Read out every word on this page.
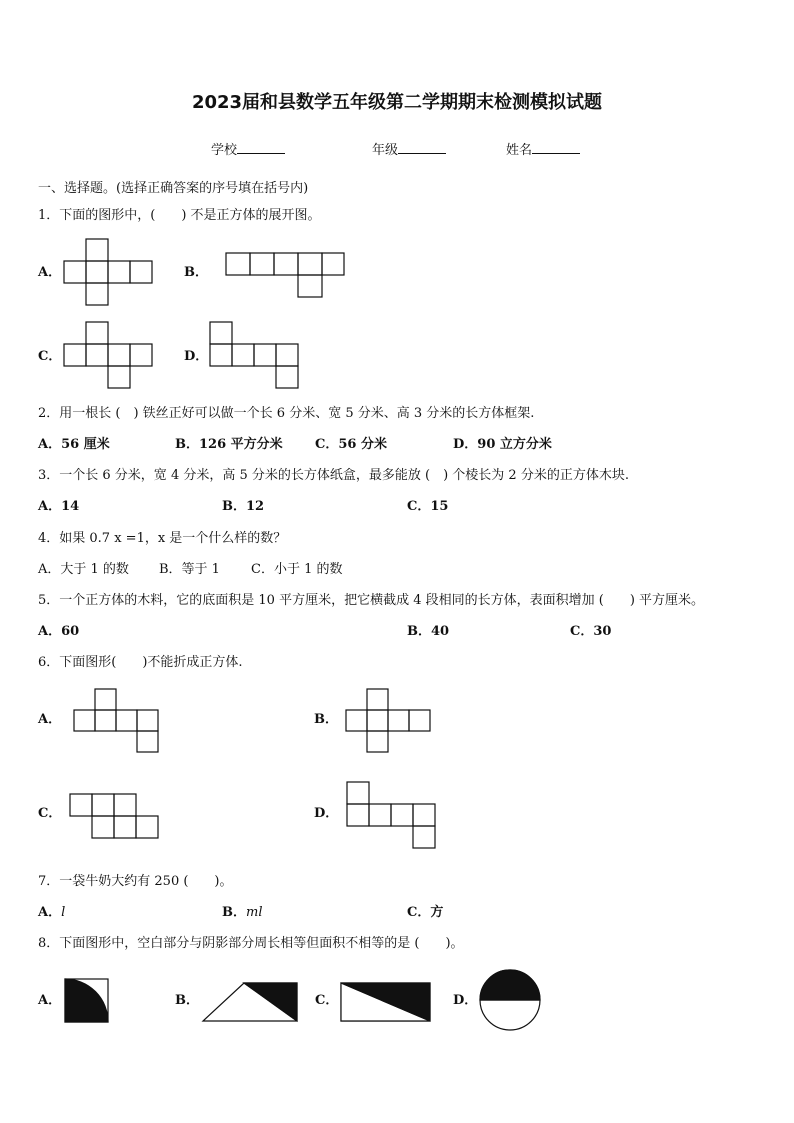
2023届和县数学五年级第二学期期末检测模拟试题
学校	年级	姓名
一、选择题。(选择正确答案的序号填在括号内)
1．下面的图形中，(　　) 不是正方体的展开图。
A．	B．
C．	D．
2．用一根长 (　) 铁丝正好可以做一个长 6 分米、宽 5 分米、高 3 分米的长方体框架.
A．56 厘米	B．126 平方分米 C．56 分米	D．90 立方分米
3．一个长 6 分米，宽 4 分米，高 5 分米的长方体纸盒，最多能放 (　) 个棱长为 2 分米的正方体木块.
A．14	B．12	C．15
4．如果 0.7 x =1，x 是一个什么样的数？
A．大于 1 的数 B．等于 1 C．小于 1 的数
5．一个正方体的木料，它的底面积是 10 平方厘米，把它横截成 4 段相同的长方体，表面积增加 (　　) 平方厘米。
A．60	B．40	C．30
6．下面图形(　　)不能折成正方体.
A．	B．
C．	D．
7．一袋牛奶大约有 250 (　　)。
A．l	B．ml	C．方
8．下面图形中，空白部分与阴影部分周长相等但面积不相等的是 (　　)。
A．	B．	C．	D．
